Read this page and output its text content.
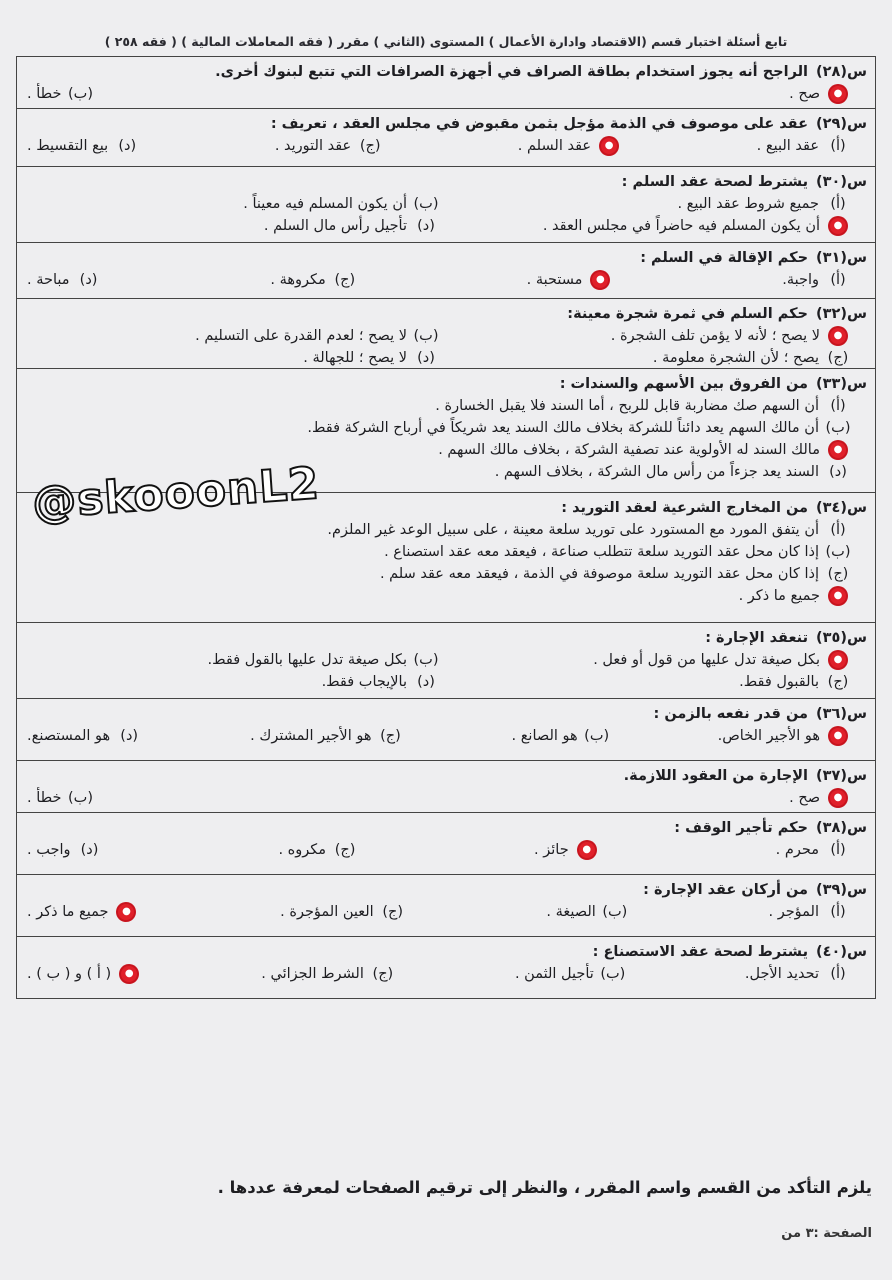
تابع أسئلة اختبار قسم (الاقتصاد وادارة الأعمال ) المستوى (الثاني ) مقرر ( فقه المعاملات المالية ) ( فقه ٢٥٨ )
س(٢٨)
الراجح أنه يجوز استخدام بطاقة الصراف في أجهزة الصرافات التي تتبع لبنوك أخرى.
●
صح .
(ب)
خطأ .
س(٢٩)
عقد على موصوف في الذمة مؤجل بثمن مقبوض في مجلس العقد ، تعريف :
(أ)
عقد البيع .
●
عقد السلم .
(ج)
عقد التوريد .
(د)
بيع التقسيط .
س(٣٠)
يشترط لصحة عقد السلم :
(أ)
جميع شروط عقد البيع .
(ب)
أن يكون المسلم فيه معيناً .
●
أن يكون المسلم فيه حاضراً في مجلس العقد .
(د)
تأجيل رأس مال السلم .
س(٣١)
حكم الإقالة في السلم :
(أ)
واجبة.
●
مستحبة .
(ج)
مكروهة .
(د)
مباحة .
س(٣٢)
حكم السلم في ثمرة شجرة معينة:
●
لا يصح ؛ لأنه لا يؤمن تلف الشجرة .
(ب)
لا يصح ؛ لعدم القدرة على التسليم .
(ج)
يصح ؛ لأن الشجرة معلومة .
(د)
لا يصح ؛ للجهالة .
س(٣٣)
من الفروق بين الأسهم والسندات :
(أ)
أن السهم صك مضاربة قابل للربح ، أما السند فلا يقبل الخسارة .
(ب)
أن مالك السهم يعد دائناً للشركة بخلاف مالك السند يعد شريكاً في أرباح الشركة فقط.
●
مالك السند له الأولوية عند تصفية الشركة ، بخلاف مالك السهم .
(د)
السند يعد جزءاً من رأس مال الشركة ، بخلاف السهم .
س(٣٤)
من المخارج الشرعية لعقد التوريد :
(أ)
أن يتفق المورد مع المستورد على توريد سلعة معينة ، على سبيل الوعد غير الملزم.
(ب)
إذا كان محل عقد التوريد سلعة تتطلب صناعة ، فيعقد معه عقد استصناع .
(ج)
إذا كان محل عقد التوريد سلعة موصوفة في الذمة ، فيعقد معه عقد سلم .
●
جميع ما ذكر .
س(٣٥)
تنعقد الإجارة :
●
بكل صيغة تدل عليها من قول أو فعل .
(ب)
بكل صيغة تدل عليها بالقول فقط.
(ج)
بالقبول فقط.
(د)
بالإيجاب فقط.
س(٣٦)
من قدر نفعه بالزمن :
●
هو الأجير الخاص.
(ب)
هو الصانع .
(ج)
هو الأجير المشترك .
(د)
هو المستصنع.
س(٣٧)
الإجارة من العقود اللازمة.
●
صح .
(ب)
خطأ .
س(٣٨)
حكم تأجير الوقف :
(أ)
محرم .
●
جائز .
(ج)
مكروه .
(د)
واجب .
س(٣٩)
من أركان عقد الإجارة :
(أ)
المؤجر .
(ب)
الصيغة .
(ج)
العين المؤجرة .
●
جميع ما ذكر .
س(٤٠)
يشترط لصحة عقد الاستصناع :
(أ)
تحديد الأجل.
(ب)
تأجيل الثمن .
(ج)
الشرط الجزائي .
●
( أ ) و ( ب ) .
@skooonL2
يلزم التأكد من القسم واسم المقرر ، والنظر إلى ترقيم الصفحات لمعرفة عددها .
الصفحة :٣ من
